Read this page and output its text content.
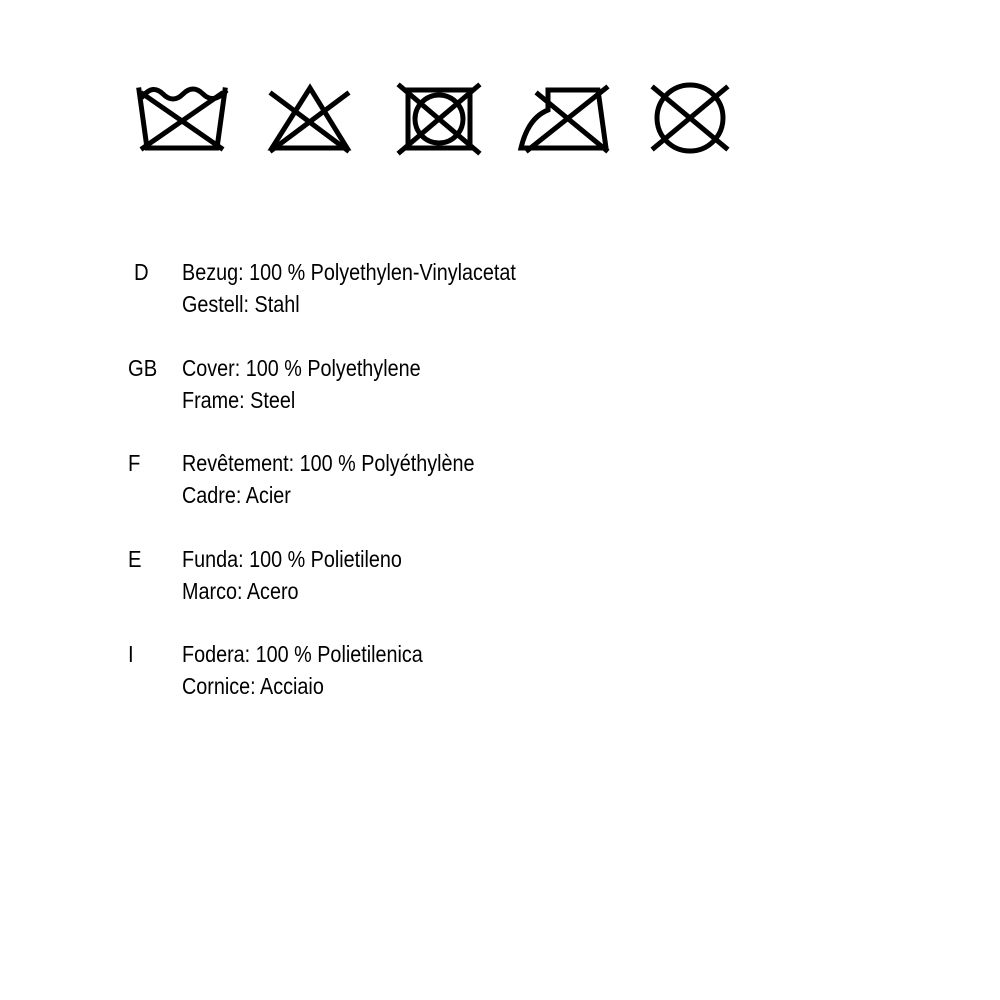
D	Bezug: 100 % Polyethylen-Vinylacetat
Gestell: Stahl
GB Cover: 100 % Polyethylene
Frame: Steel
F	Revêtement: 100 % Polyéthylène
Cadre: Acier
E	Funda: 100 % Polietileno
Marco: Acero
I	Fodera: 100 % Polietilenica
Cornice: Acciaio
